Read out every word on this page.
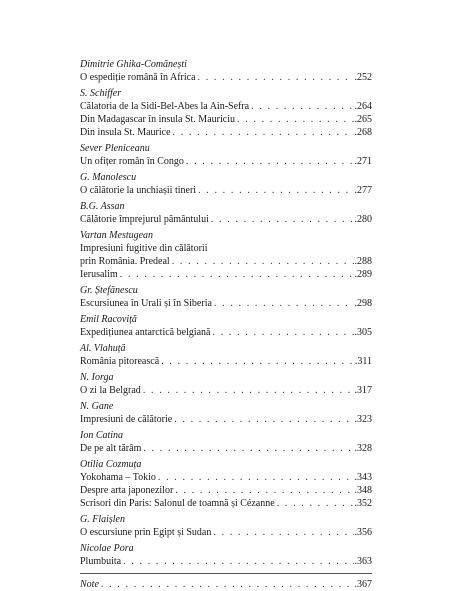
Dimitrie Ghika-Comănești
O espediție română în Africa . . .	.252
S. Schiffer
Călatoria de la Sidi-Bel-Abes la Ain-Sefra . . .	.264
Din Madagascar în insula St. Mauriciu . . .	.265
Din insula St. Maurice . . .	.268
Sever Pleniceanu
Un ofițer român în Congo . . .	.271
G. Manolescu
O călătorie la unchiașii tineri . . .	.277
B.G. Assan
Călătorie împrejurul pământului . . .	.280
Vartan Mestugean
Impresiuni fugitive din călătorii
prin România. Predeal . . .	.288
Ierusalim . . .	.289
Gr. Ștefănescu
Escursiunea în Urali și în Siberia . . .	.298
Emil Racoviță
Expedițiunea antarctică belgiană . . .	.305
Al. Vlahuță
România pitorească . . .	.311
N. Iorga
O zi la Belgrad . . .	.317
N. Gane
Impresiuni de călătorie . . .	.323
Ion Catina
De pe alt tărâm . . .	.328
Otilia Cozmuța
Yokohama – Tokio . . .	.343
Despre arta japonezilor . . .	.348
Scrisori din Paris: Salonul de toamnă și Cézanne . . .	.352
G. Flaișlen
O escursiune prin Egipt și Sudan . . .	.356
Nicolae Pora
Plumbuita . . .	.363
Note . . .	.367
